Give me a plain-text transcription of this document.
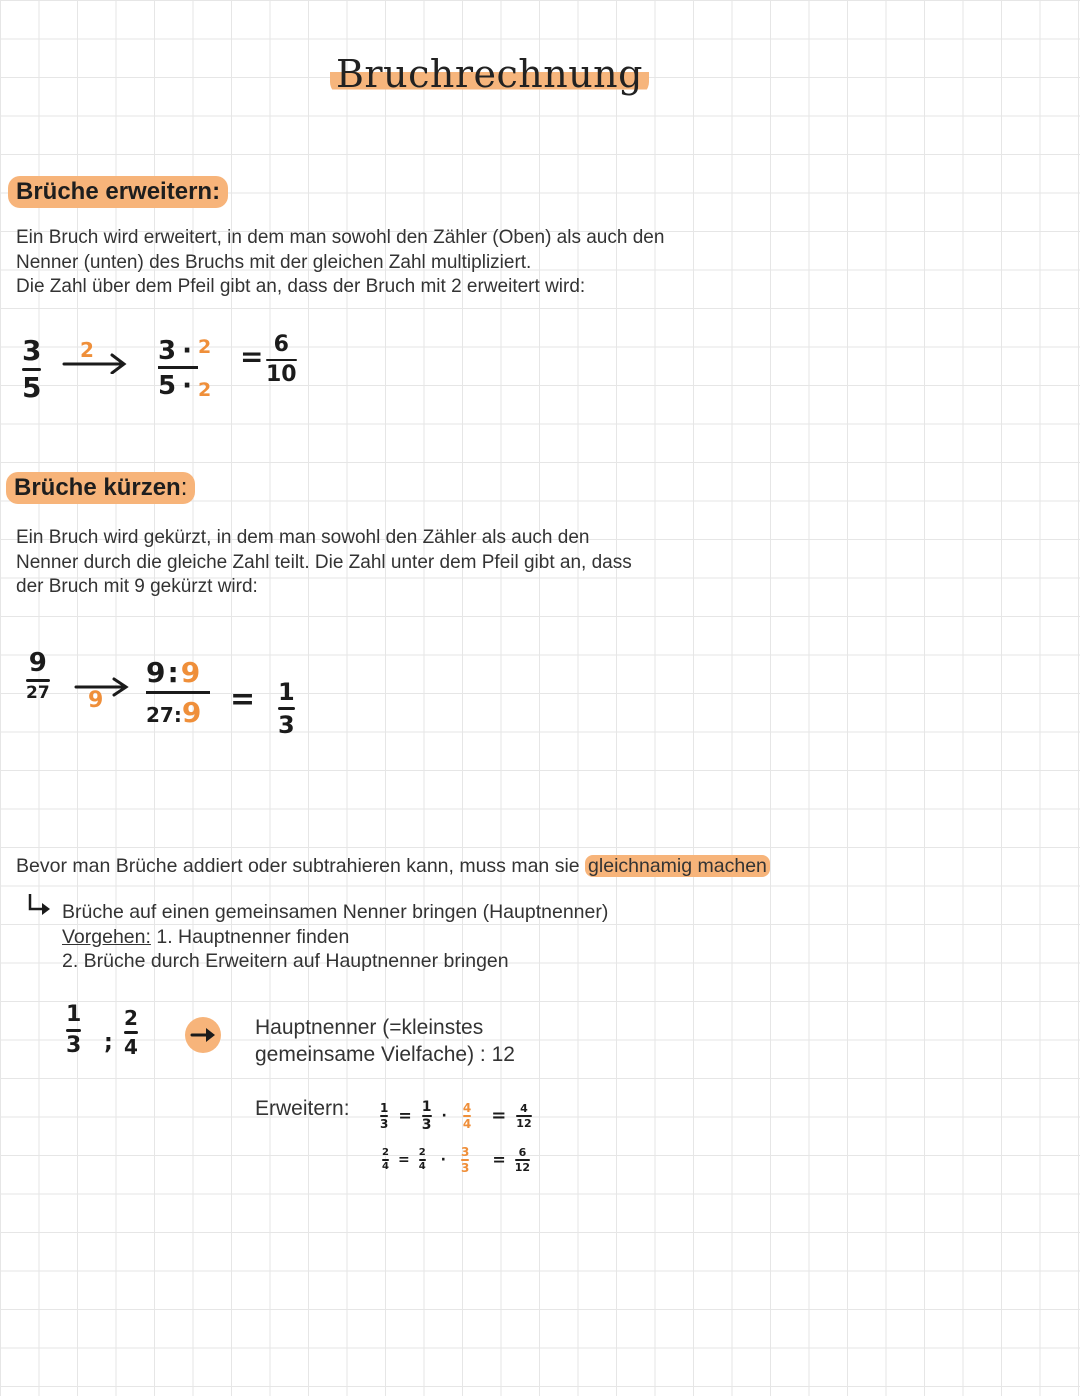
Bruchrechnung
Brüche erweitern:
Ein Bruch wird erweitert, in dem man sowohl den Zähler (Oben) als auch den
Nenner (unten) des Bruchs mit der gleichen Zahl multipliziert.
Die Zahl über dem Pfeil gibt an, dass der Bruch mit 2 erweitert wird:
$\frac{3}{5} 2$ 3 · 2
5 · 2
= $\frac{6}{10}$
Brüche kürzen:
Ein Bruch wird gekürzt, in dem man sowohl den Zähler als auch den
Nenner durch die gleiche Zahl teilt. Die Zahl unter dem Pfeil gibt an, dass
der Bruch mit 9 gekürzt wird:
$\frac{9}{27} 9$
9 : 9
27 : $9 = \frac{1}{3}$
Bevor man Brüche addiert oder subtrahieren kann, muss man sie gleichnamig machen
Brüche auf einen gemeinsamen Nenner bringen (Hauptnenner)
Vorgehen: 1. Hauptnenner finden
2. Brüche durch Erweitern auf Hauptnenner bringen
$\frac{1}{3}$ ; $\frac{2}{4}$	Hauptnenner (=kleinstes
gemeinsame Vielfache) : 12
Erweitern:	$\frac{1}{3} = \frac{1}{3} \cdot \frac{4}{4} = \frac{4}{12}$
$\frac{2}{4} = \frac{2}{4} \cdot \frac{3}{3} = \frac{6}{12}$
